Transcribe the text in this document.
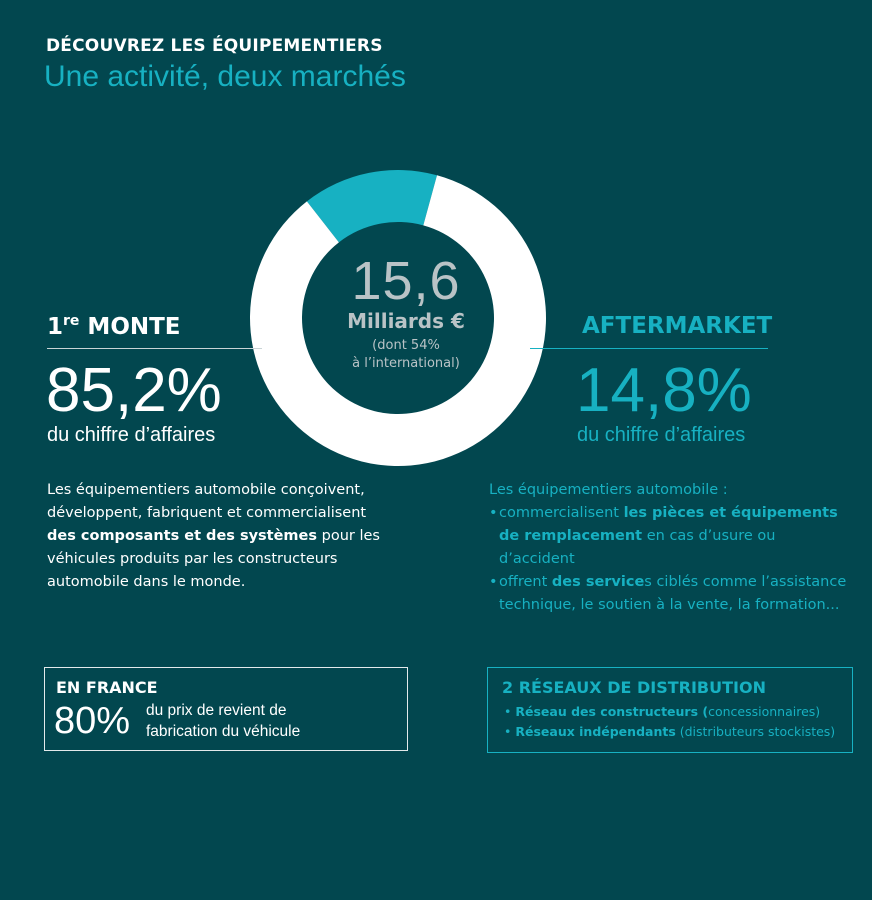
DÉCOUVREZ LES ÉQUIPEMENTIERS
Une activité, deux marchés
15,6
Milliards €
(dont 54%
à l’international)
1re MONTE
85,2%
du chiffre d’affaires
AFTERMARKET
14,8%
du chiffre d’affaires
Les équipementiers automobile conçoivent, développent, fabriquent et commercialisent des composants et des systèmes pour les véhicules produits par les constructeurs automobile dans le monde.
Les équipementiers automobile :
•commercialisent les pièces et équipements de remplacement en cas d’usure ou d’accident
•offrent des services ciblés comme l’assistance technique, le soutien à la vente, la formation...
EN FRANCE
80% du prix de revient de
fabrication du véhicule
2 RÉSEAUX DE DISTRIBUTION
• Réseau des constructeurs (concessionnaires)
• Réseaux indépendants (distributeurs stockistes)
